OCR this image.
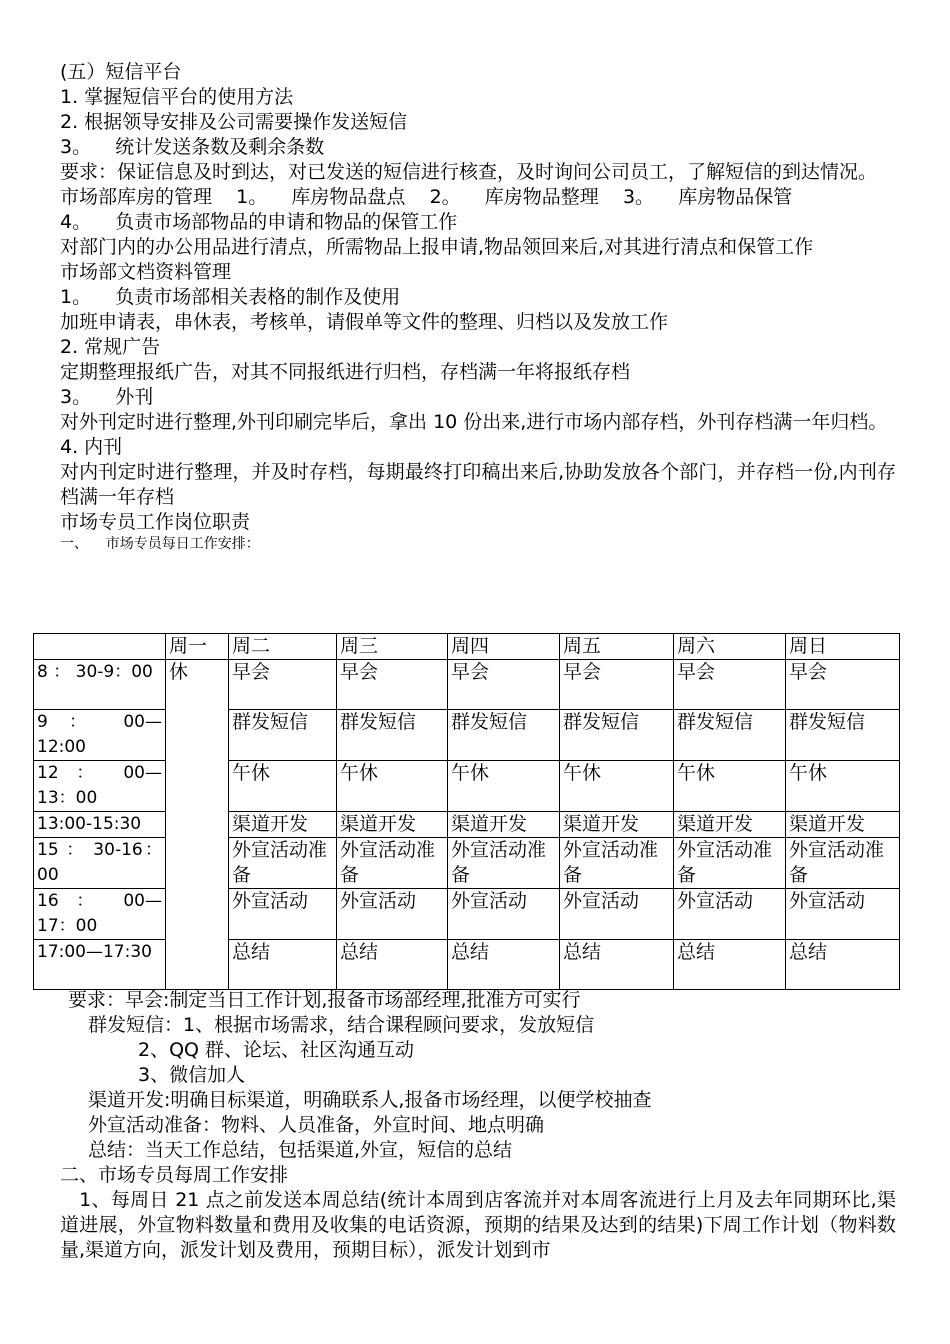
(五）短信平台

1. 掌握短信平台的使用方法

2. 根据领导安排及公司需要操作发送短信

3。    统计发送条数及剩余条数

要求：保证信息及时到达，对已发送的短信进行核查，及时询问公司员工，了解短信的到达情况。

市场部库房的管理    1。    库房物品盘点    2。    库房物品整理    3。    库房物品保管

4。    负责市场部物品的申请和物品的保管工作

对部门内的办公用品进行清点，所需物品上报申请,物品领回来后,对其进行清点和保管工作

市场部文档资料管理

1。    负责市场部相关表格的制作及使用

加班申请表，串休表，考核单，请假单等文件的整理、归档以及发放工作

2. 常规广告

定期整理报纸广告，对其不同报纸进行归档，存档满一年将报纸存档

3。    外刊

对外刊定时进行整理,外刊印刷完毕后，拿出 10 份出来,进行市场内部存档，外刊存档满一年归档。

4. 内刊

对内刊定时进行整理，并及时存档，每期最终打印稿出来后,协助发放各个部门，并存档一份,内刊存档满一年存档

市场专员工作岗位职责

一、    市场专员每日工作安排：

	周一	周二	周三	周四	周五	周六	周日
8 ： 30-9：00	休	早会	早会	早会	早会	早会	早会
9 ： 00—12:00		群发短信	群发短信	群发短信	群发短信	群发短信	群发短信
12 ： 00—13：00		午休	午休	午休	午休	午休	午休
13:00-15:30		渠道开发	渠道开发	渠道开发	渠道开发	渠道开发	渠道开发
15 ： 30-16：00		外宣活动准备	外宣活动准备	外宣活动准备	外宣活动准备	外宣活动准备	外宣活动准备
16 ： 00—17：00		外宣活动	外宣活动	外宣活动	外宣活动	外宣活动	外宣活动
17:00—17:30		总结	总结	总结	总结	总结	总结

要求：早会:制定当日工作计划,报备市场部经理,批准方可实行

群发短信：1、根据市场需求，结合课程顾问要求，发放短信

2、QQ 群、论坛、社区沟通互动

3、微信加人

渠道开发:明确目标渠道，明确联系人,报备市场经理，以便学校抽查

外宣活动准备：物料、人员准备，外宣时间、地点明确

总结：当天工作总结，包括渠道,外宣，短信的总结

二、市场专员每周工作安排

1、每周日 21 点之前发送本周总结(统计本周到店客流并对本周客流进行上月及去年同期环比,渠道进展，外宣物料数量和费用及收集的电话资源，预期的结果及达到的结果)下周工作计划（物料数量,渠道方向，派发计划及费用，预期目标），派发计划到市
